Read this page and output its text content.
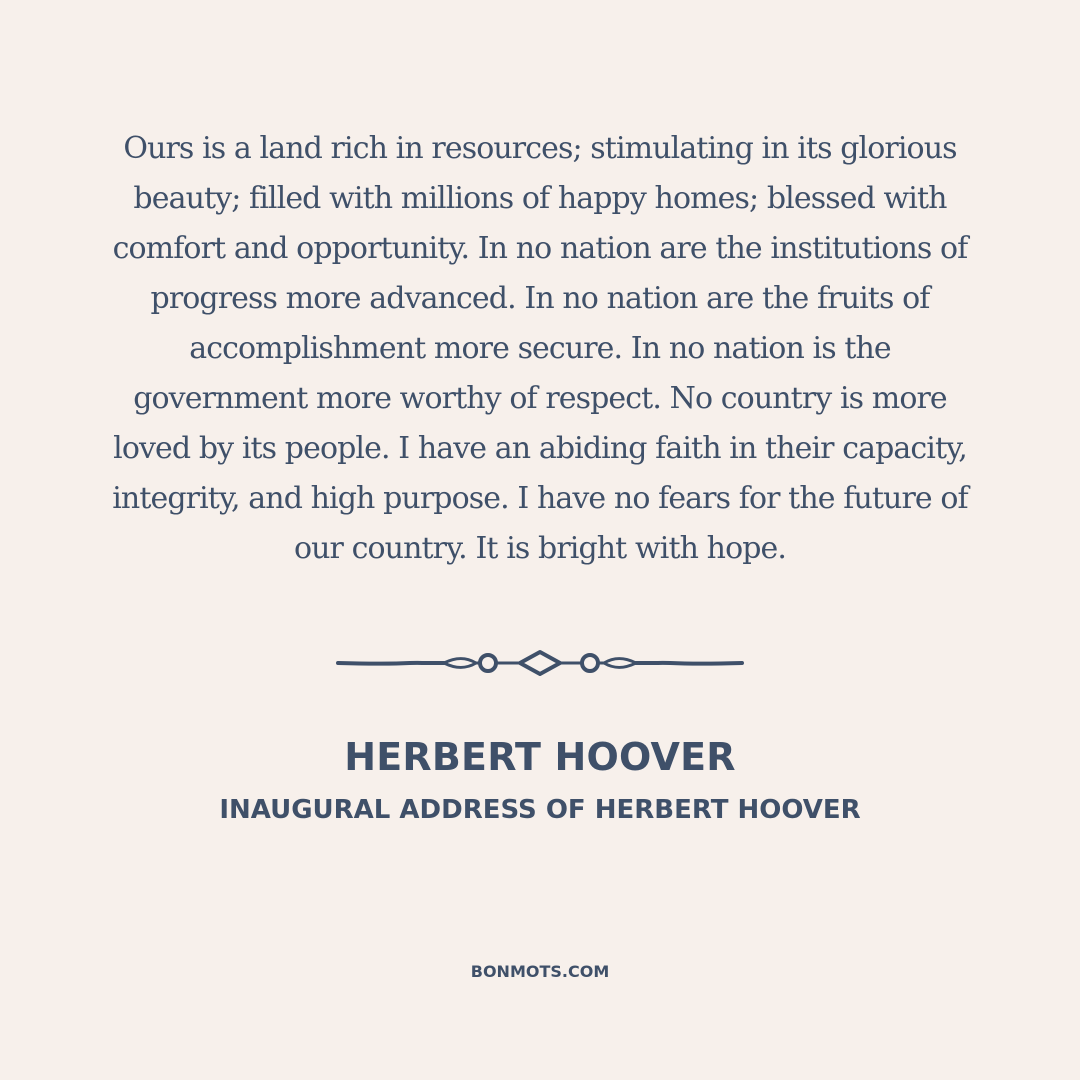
Ours is a land rich in resources; stimulating in its glorious beauty; filled with millions of happy homes; blessed with comfort and opportunity. In no nation are the institutions of progress more advanced. In no nation are the fruits of accomplishment more secure. In no nation is the government more worthy of respect. No country is more loved by its people. I have an abiding faith in their capacity, integrity, and high purpose. I have no fears for the future of our country. It is bright with hope.

HERBERT HOOVER
INAUGURAL ADDRESS OF HERBERT HOOVER
BONMOTS.COM
